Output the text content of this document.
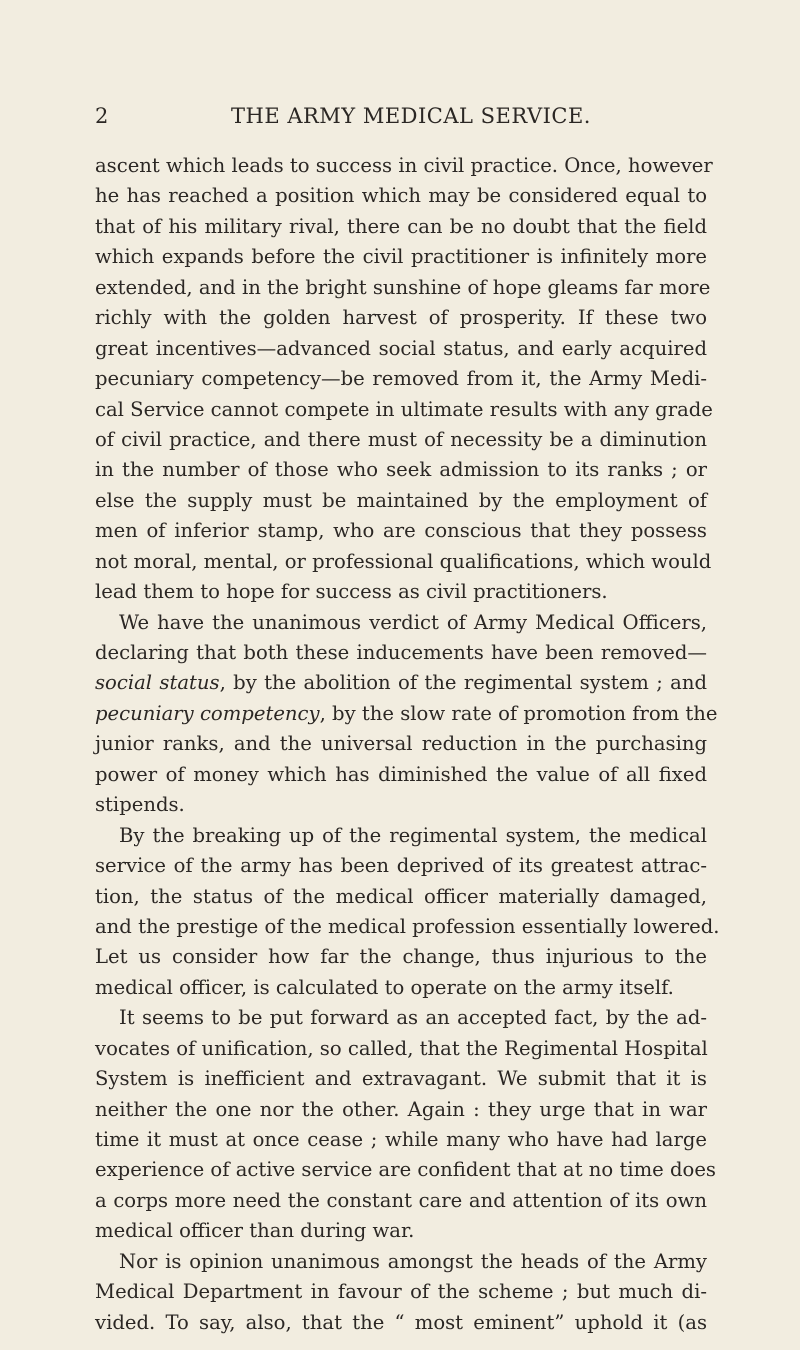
2	THE ARMY MEDICAL SERVICE.
ascent which leads to success in civil practice. Once, however
he has reached a position which may be considered equal to
that of his military rival, there can be no doubt that the field
which expands before the civil practitioner is infinitely more
extended, and in the bright sunshine of hope gleams far more
richly with the golden harvest of prosperity. If these two
great incentives—advanced social status, and early acquired
pecuniary competency—be removed from it, the Army Medi-
cal Service cannot compete in ultimate results with any grade
of civil practice, and there must of necessity be a diminution
in the number of those who seek admission to its ranks ; or
else the supply must be maintained by the employment of
men of inferior stamp, who are conscious that they possess
not moral, mental, or professional qualifications, which would
lead them to hope for success as civil practitioners.
We have the unanimous verdict of Army Medical Officers,
declaring that both these inducements have been removed—
social status, by the abolition of the regimental system ; and
pecuniary competency, by the slow rate of promotion from the
junior ranks, and the universal reduction in the purchasing
power of money which has diminished the value of all fixed
stipends.
By the breaking up of the regimental system, the medical
service of the army has been deprived of its greatest attrac-
tion, the status of the medical officer materially damaged,
and the prestige of the medical profession essentially lowered.
Let us consider how far the change, thus injurious to the
medical officer, is calculated to operate on the army itself.
It seems to be put forward as an accepted fact, by the ad-
vocates of unification, so called, that the Regimental Hospital
System is inefficient and extravagant. We submit that it is
neither the one nor the other. Again : they urge that in war
time it must at once cease ; while many who have had large
experience of active service are confident that at no time does
a corps more need the constant care and attention of its own
medical officer than during war.
Nor is opinion unanimous amongst the heads of the Army
Medical Department in favour of the scheme ; but much di-
vided. To say, also, that the “ most eminent” uphold it (as
